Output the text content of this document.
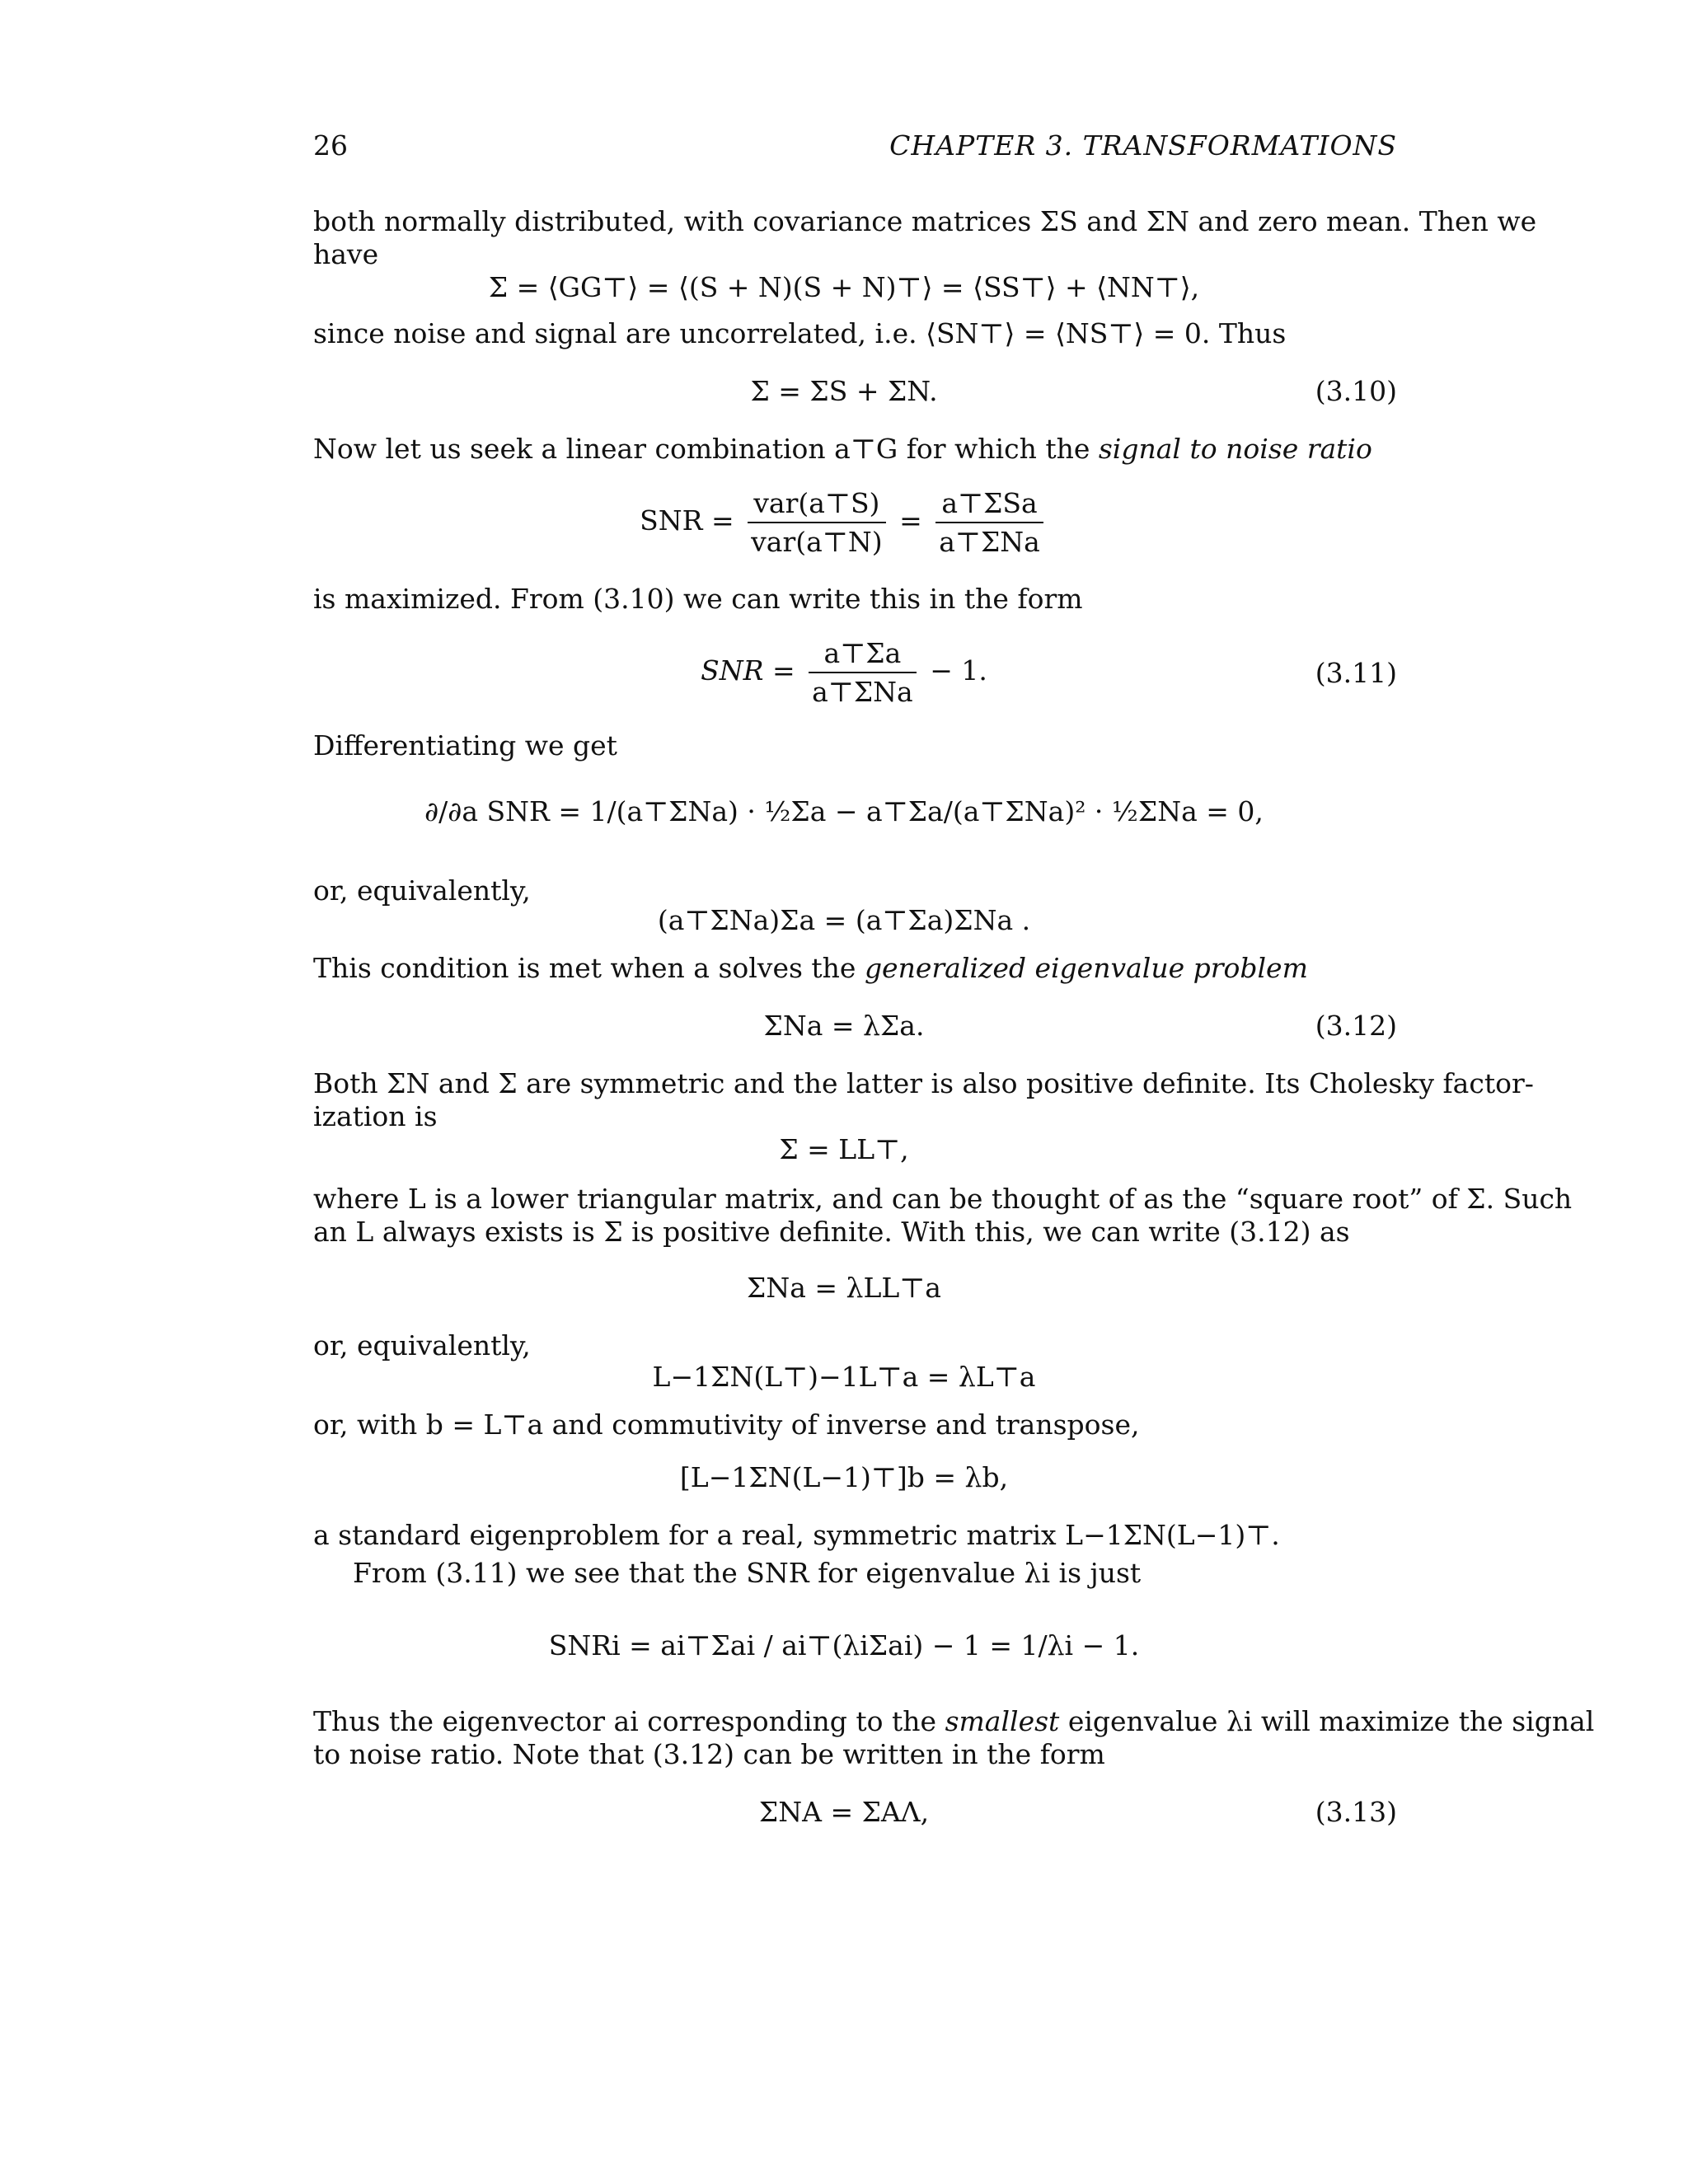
26	CHAPTER 3. TRANSFORMATIONS
both normally distributed, with covariance matrices ΣS and ΣN and zero mean. Then we
have
Σ = ⟨GG⊤⟩ = ⟨(S + N)(S + N)⊤⟩ = ⟨SS⊤⟩ + ⟨NN⊤⟩,
since noise and signal are uncorrelated, i.e. ⟨SN⊤⟩ = ⟨NS⊤⟩ = 0. Thus
Σ = ΣS + ΣN.	(3.10)
Now let us seek a linear combination a⊤G for which the signal to noise ratio
SNR = $\frac{\text{var(a⊤S)}}{\text{var(a⊤N)}} = \frac{\text{a⊤ΣSa}}{\text{a⊤ΣNa}}$
is maximized. From (3.10) we can write this in the form
SNR = $\frac{a⊤\Sigma a}{\text{a⊤ΣNa}} - 1$.	(3.11)
Differentiating we get
∂/∂a SNR = 1/(a⊤ΣNa) · ½Σa − a⊤Σa/(a⊤ΣNa)² · ½ΣNa = 0,
or, equivalently,
(a⊤ΣNa)Σa = (a⊤Σa)ΣNa .
This condition is met when a solves the generalized eigenvalue problem
ΣNa = λΣa.	(3.12)
Both ΣN and Σ are symmetric and the latter is also positive definite. Its Cholesky factor-
ization is
Σ = LL⊤,
where L is a lower triangular matrix, and can be thought of as the “square root” of Σ. Such
an L always exists is Σ is positive definite. With this, we can write (3.12) as
ΣNa = λLL⊤a
or, equivalently,
L−1ΣN(L⊤)−1L⊤a = λL⊤a
or, with b = L⊤a and commutivity of inverse and transpose,
[L−1ΣN(L−1)⊤]b = λb,
a standard eigenproblem for a real, symmetric matrix L−1ΣN(L−1)⊤.
From (3.11) we see that the SNR for eigenvalue λi is just
SNRi = ai⊤Σai / ai⊤(λiΣai) − 1 = 1/λi − 1.
Thus the eigenvector ai corresponding to the smallest eigenvalue λi will maximize the signal
to noise ratio. Note that (3.12) can be written in the form
ΣNA = ΣAΛ,	(3.13)
